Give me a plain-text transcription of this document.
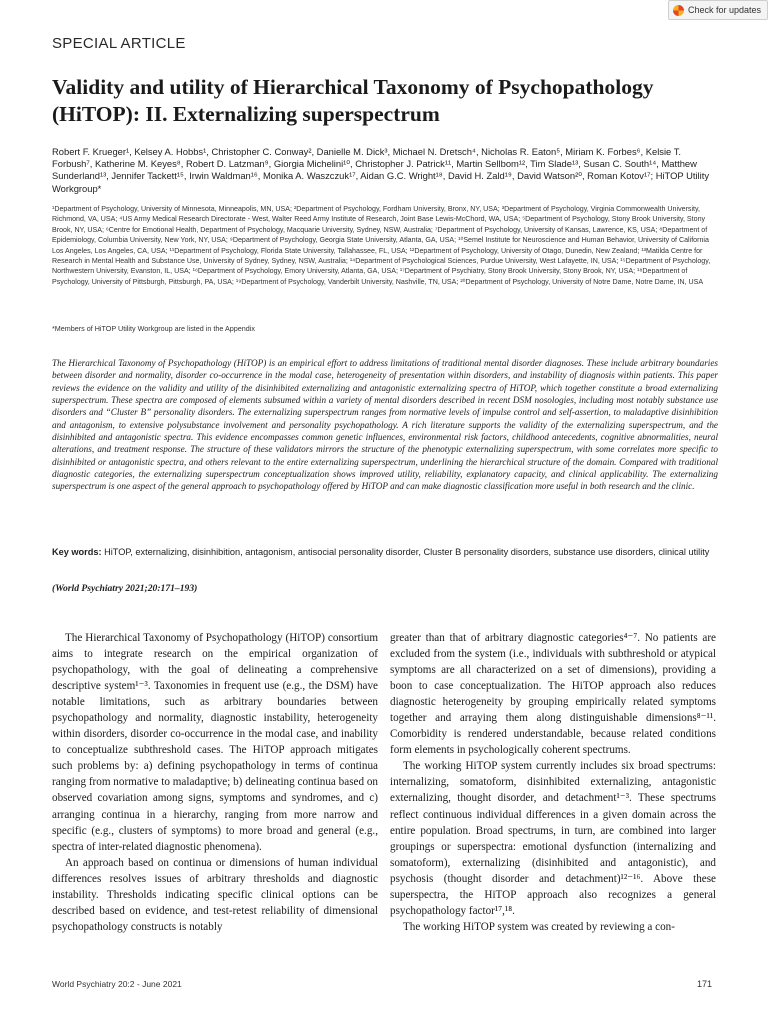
Check for updates
SPECIAL ARTICLE
Validity and utility of Hierarchical Taxonomy of Psychopathology (HiTOP): II. Externalizing superspectrum

Robert F. Krueger¹, Kelsey A. Hobbs¹, Christopher C. Conway², Danielle M. Dick³, Michael N. Dretsch⁴, Nicholas R. Eaton⁵, Miriam K. Forbes⁶, Kelsie T. Forbush⁷, Katherine M. Keyes⁸, Robert D. Latzman⁹, Giorgia Michelini¹⁰, Christopher J. Patrick¹¹, Martin Sellbom¹², Tim Slade¹³, Susan C. South¹⁴, Matthew Sunderland¹³, Jennifer Tackett¹⁵, Irwin Waldman¹⁶, Monika A. Waszczuk¹⁷, Aidan G.C. Wright¹⁸, David H. Zald¹⁹, David Watson²⁰, Roman Kotov¹⁷; HiTOP Utility Workgroup*

¹Department of Psychology, University of Minnesota, Minneapolis, MN, USA; ²Department of Psychology, Fordham University, Bronx, NY, USA; ³Department of Psychology, Virginia Commonwealth University, Richmond, VA, USA; ⁴US Army Medical Research Directorate - West, Walter Reed Army Institute of Research, Joint Base Lewis-McChord, WA, USA; ⁵Department of Psychology, Stony Brook University, Stony Brook, NY, USA; ⁶Centre for Emotional Health, Department of Psychology, Macquarie University, Sydney, NSW, Australia; ⁷Department of Psychology, University of Kansas, Lawrence, KS, USA; ⁸Department of Epidemiology, Columbia University, New York, NY, USA; ⁹Department of Psychology, Georgia State University, Atlanta, GA, USA; ¹⁰Semel Institute for Neuroscience and Human Behavior, University of California Los Angeles, Los Angeles, CA, USA; ¹¹Department of Psychology, Florida State University, Tallahassee, FL, USA; ¹²Department of Psychology, University of Otago, Dunedin, New Zealand; ¹³Matilda Centre for Research in Mental Health and Substance Use, University of Sydney, Sydney, NSW, Australia; ¹⁴Department of Psychological Sciences, Purdue University, West Lafayette, IN, USA; ¹⁵Department of Psychology, Northwestern University, Evanston, IL, USA; ¹⁶Department of Psychology, Emory University, Atlanta, GA, USA; ¹⁷Department of Psychiatry, Stony Brook University, Stony Brook, NY, USA; ¹⁸Department of Psychology, University of Pittsburgh, Pittsburgh, PA, USA; ¹⁹Department of Psychology, Vanderbilt University, Nashville, TN, USA; ²⁰Department of Psychology, University of Notre Dame, Notre Dame, IN, USA

*Members of HiTOP Utility Workgroup are listed in the Appendix

The Hierarchical Taxonomy of Psychopathology (HiTOP) is an empirical effort to address limitations of traditional mental disorder diagnoses. These include arbitrary boundaries between disorder and normality, disorder co-occurrence in the modal case, heterogeneity of presentation within disorders, and instability of diagnosis within patients. This paper reviews the evidence on the validity and utility of the disinhibited externalizing and antagonistic externalizing spectra of HiTOP, which together constitute a broad externalizing superspectrum. These spectra are composed of elements subsumed within a variety of mental disorders described in recent DSM nosologies, including most notably substance use disorders and “Cluster B” personality disorders. The externalizing superspectrum ranges from normative levels of impulse control and self-assertion, to maladaptive disinhibition and antagonism, to extensive polysubstance involvement and personality psychopathology. A rich literature supports the validity of the externalizing superspectrum, and the disinhibited and antagonistic spectra. This evidence encompasses common genetic influences, environmental risk factors, childhood antecedents, cognitive abnormalities, neural alterations, and treatment response. The structure of these validators mirrors the structure of the phenotypic externalizing superspectrum, with some correlates more specific to disinhibited or antagonistic spectra, and others relevant to the entire externalizing superspectrum, underlining the hierarchical structure of the domain. Compared with traditional diagnostic categories, the externalizing superspectrum conceptualization shows improved utility, reliability, explanatory capacity, and clinical applicability. The externalizing superspectrum is one aspect of the general approach to psychopathology offered by HiTOP and can make diagnostic classification more useful in both research and the clinic.

Key words: HiTOP, externalizing, disinhibition, antagonism, antisocial personality disorder, Cluster B personality disorders, substance use disorders, clinical utility

(World Psychiatry 2021;20:171–193)

The Hierarchical Taxonomy of Psychopathology (HiTOP) consortium aims to integrate research on the empirical organization of psychopathology, with the goal of delineating a comprehensive descriptive system¹⁻³. Taxonomies in frequent use (e.g., the DSM) have notable limitations, such as arbitrary boundaries between psychopathology and normality, diagnostic instability, heterogeneity within disorders, disorder co-occurrence in the modal case, and inability to conceptualize subthreshold cases. The HiTOP approach mitigates such problems by: a) defining psychopathology in terms of continua ranging from normative to maladaptive; b) delineating continua based on observed covariation among signs, symptoms and syndromes, and c) arranging continua in a hierarchy, ranging from more narrow and specific (e.g., clusters of symptoms) to more broad and general (e.g., spectra of inter-related diagnostic phenomena).

An approach based on continua or dimensions of human individual differences resolves issues of arbitrary thresholds and diagnostic instability. Thresholds indicating specific clinical options can be described based on evidence, and test-retest reliability of dimensional psychopathology constructs is notably

greater than that of arbitrary diagnostic categories⁴⁻⁷. No patients are excluded from the system (i.e., individuals with subthreshold or atypical symptoms are all characterized on a set of dimensions), providing a boon to case conceptualization. The HiTOP approach also reduces diagnostic heterogeneity by grouping empirically related symptoms together and arraying them along distinguishable dimensions⁸⁻¹¹. Comorbidity is rendered understandable, because related conditions form elements in psychologically coherent spectrums.

The working HiTOP system currently includes six broad spectrums: internalizing, somatoform, disinhibited externalizing, antagonistic externalizing, thought disorder, and detachment¹⁻³. These spectrums reflect continuous individual differences in a given domain across the entire population. Broad spectrums, in turn, are combined into larger groupings or superspectra: emotional dysfunction (internalizing and somatoform), externalizing (disinhibited and antagonistic), and psychosis (thought disorder and detachment)¹²⁻¹⁶. Above these superspectra, the HiTOP approach also recognizes a general psychopathology factor¹⁷,¹⁸.

The working HiTOP system was created by reviewing a con-

World Psychiatry 20:2 - June 2021	171
